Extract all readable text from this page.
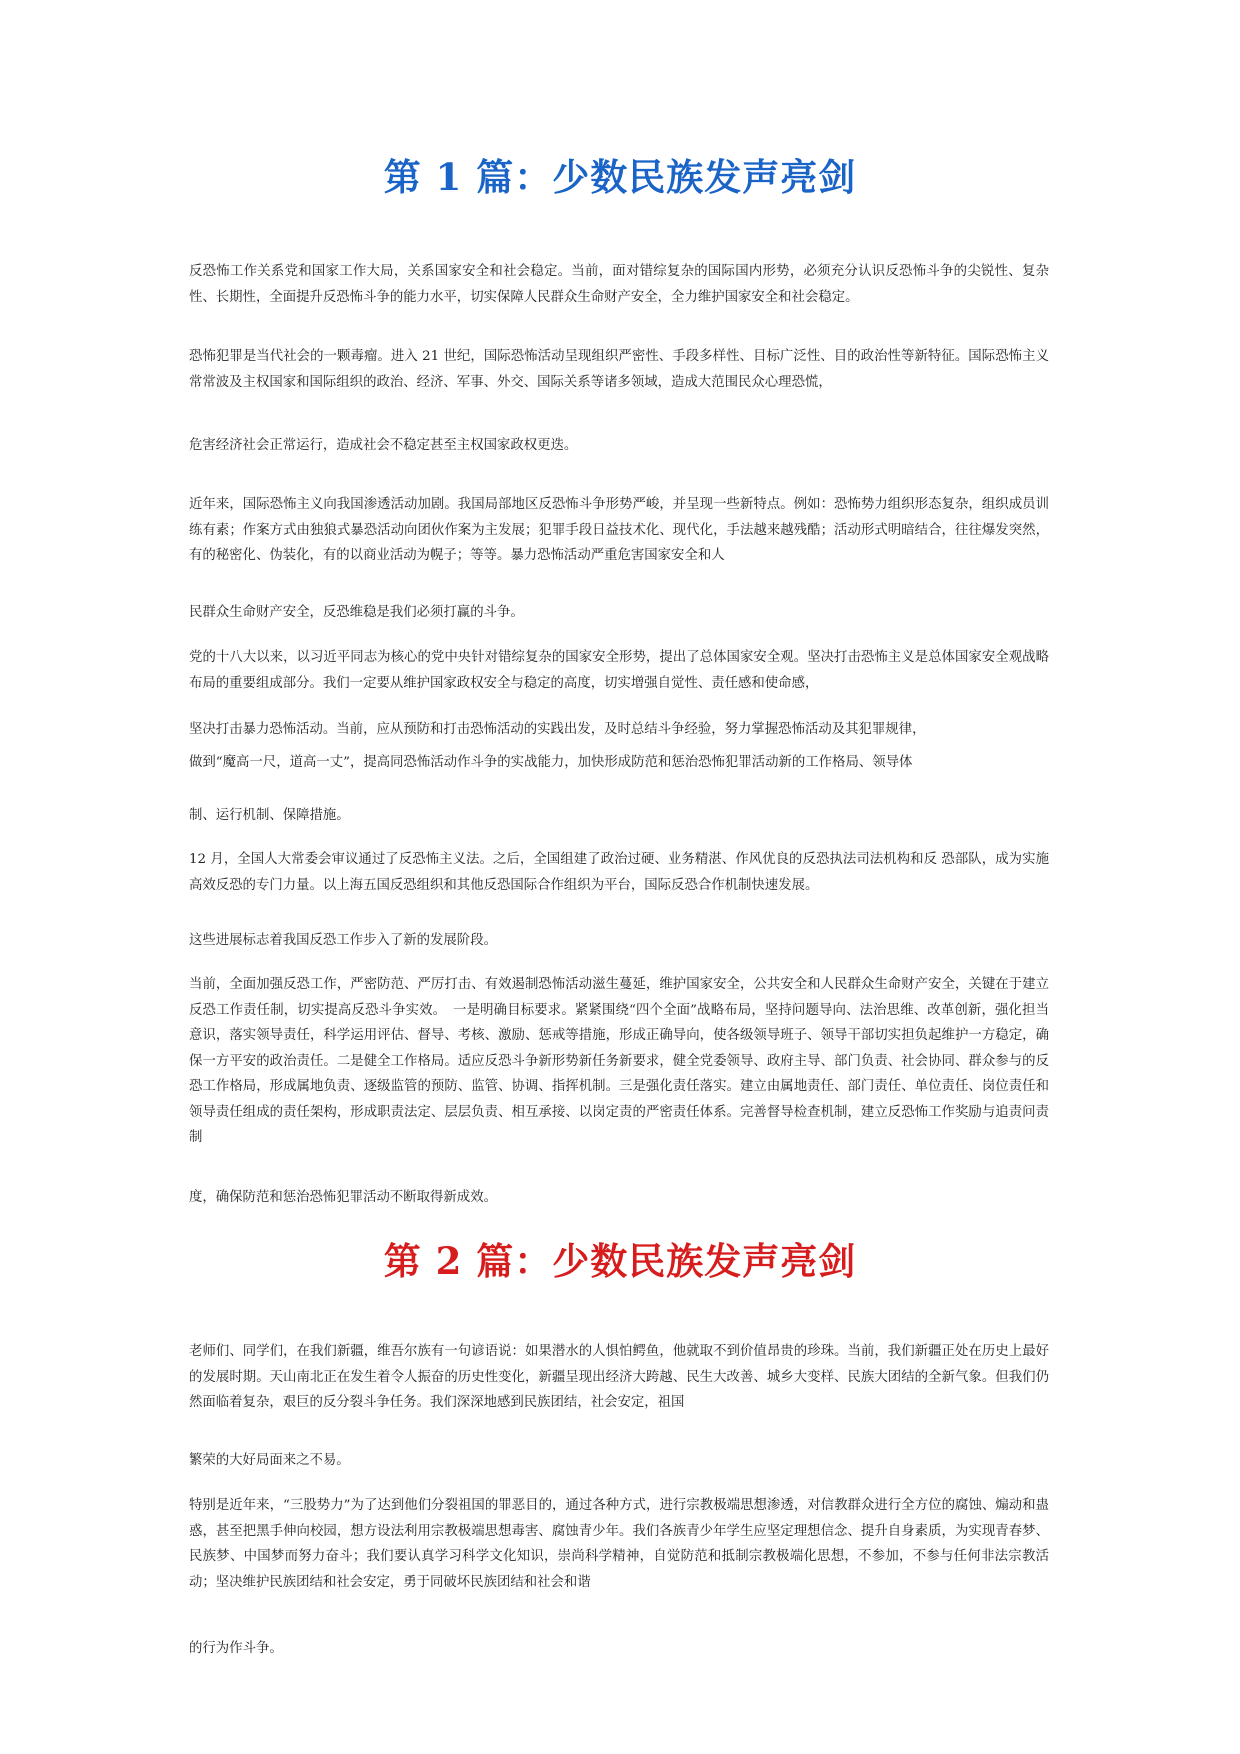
第 1 篇：少数民族发声亮剑

反恐怖工作关系党和国家工作大局，关系国家安全和社会稳定。当前，面对错综复杂的国际国内形势，必须充分认识反恐怖斗争的尖锐性、复杂性、长期性，全面提升反恐怖斗争的能力水平，切实保障人民群众生命财产安全，全力维护国家安全和社会稳定。

恐怖犯罪是当代社会的一颗毒瘤。进入 21 世纪，国际恐怖活动呈现组织严密性、手段多样性、目标广泛性、目的政治性等新特征。国际恐怖主义常常波及主权国家和国际组织的政治、经济、军事、外交、国际关系等诸多领域，造成大范围民众心理恐慌，

危害经济社会正常运行，造成社会不稳定甚至主权国家政权更迭。

近年来，国际恐怖主义向我国渗透活动加剧。我国局部地区反恐怖斗争形势严峻，并呈现一些新特点。例如：恐怖势力组织形态复杂，组织成员训练有素；作案方式由独狼式暴恐活动向团伙作案为主发展；犯罪手段日益技术化、现代化，手法越来越残酷；活动形式明暗结合，往往爆发突然，有的秘密化、伪装化，有的以商业活动为幌子；等等。暴力恐怖活动严重危害国家安全和人

民群众生命财产安全，反恐维稳是我们必须打赢的斗争。

党的十八大以来，以习近平同志为核心的党中央针对错综复杂的国家安全形势，提出了总体国家安全观。坚决打击恐怖主义是总体国家安全观战略布局的重要组成部分。我们一定要从维护国家政权安全与稳定的高度，切实增强自觉性、责任感和使命感，

坚决打击暴力恐怖活动。当前，应从预防和打击恐怖活动的实践出发，及时总结斗争经验，努力掌握恐怖活动及其犯罪规律，

做到“魔高一尺，道高一丈”，提高同恐怖活动作斗争的实战能力，加快形成防范和惩治恐怖犯罪活动新的工作格局、领导体

制、运行机制、保障措施。

12 月，全国人大常委会审议通过了反恐怖主义法。之后，全国组建了政治过硬、业务精湛、作风优良的反恐执法司法机构和反 恐部队，成为实施高效反恐的专门力量。以上海五国反恐组织和其他反恐国际合作组织为平台，国际反恐合作机制快速发展。

这些进展标志着我国反恐工作步入了新的发展阶段。

当前，全面加强反恐工作，严密防范、严厉打击、有效遏制恐怖活动滋生蔓延，维护国家安全，公共安全和人民群众生命财产安全，关键在于建立反恐工作责任制，切实提高反恐斗争实效。　一是明确目标要求。紧紧围绕“四个全面”战略布局，坚持问题导向、法治思维、改革创新，强化担当意识，落实领导责任，科学运用评估、督导、考核、激励、惩戒等措施，形成正确导向，使各级领导班子、领导干部切实担负起维护一方稳定，确保一方平安的政治责任。二是健全工作格局。适应反恐斗争新形势新任务新要求，健全党委领导、政府主导、部门负责、社会协同、群众参与的反恐工作格局，形成属地负责、逐级监管的预防、监管、协调、指挥机制。三是强化责任落实。建立由属地责任、部门责任、单位责任、岗位责任和领导责任组成的责任架构，形成职责法定、层层负责、相互承接、以岗定责的严密责任体系。完善督导检查机制，建立反恐怖工作奖励与追责问责制

度，确保防范和惩治恐怖犯罪活动不断取得新成效。

第 2 篇：少数民族发声亮剑

老师们、同学们，在我们新疆，维吾尔族有一句谚语说：如果潜水的人惧怕鳄鱼，他就取不到价值昂贵的珍珠。当前，我们新疆正处在历史上最好的发展时期。天山南北正在发生着令人振奋的历史性变化，新疆呈现出经济大跨越、民生大改善、城乡大变样、民族大团结的全新气象。但我们仍然面临着复杂，艰巨的反分裂斗争任务。我们深深地感到民族团结，社会安定，祖国

繁荣的大好局面来之不易。

特别是近年来，“三股势力”为了达到他们分裂祖国的罪恶目的，通过各种方式，进行宗教极端思想渗透，对信教群众进行全方位的腐蚀、煽动和蛊惑，甚至把黑手伸向校园，想方设法利用宗教极端思想毒害、腐蚀青少年。我们各族青少年学生应坚定理想信念、提升自身素质，为实现青春梦、民族梦、中国梦而努力奋斗；我们要认真学习科学文化知识，崇尚科学精神，自觉防范和抵制宗教极端化思想，不参加，不参与任何非法宗教活动；坚决维护民族团结和社会安定，勇于同破坏民族团结和社会和谐

的行为作斗争。
